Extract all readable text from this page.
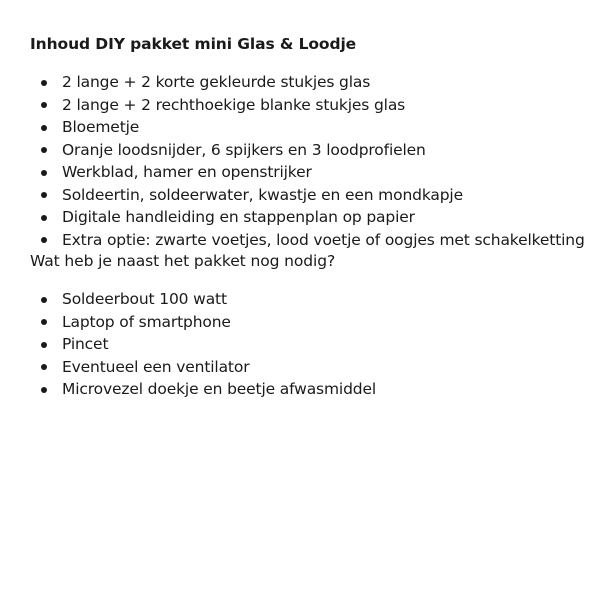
Inhoud DIY pakket mini Glas & Loodje
2 lange + 2 korte gekleurde stukjes glas
2 lange + 2 rechthoekige blanke stukjes glas
Bloemetje
Oranje loodsnijder, 6 spijkers en 3 loodprofielen
Werkblad, hamer en openstrijker
Soldeertin, soldeerwater, kwastje en een mondkapje
Digitale handleiding en stappenplan op papier
Extra optie: zwarte voetjes, lood voetje of oogjes met schakelketting
Wat heb je naast het pakket nog nodig?
Soldeerbout 100 watt
Laptop of smartphone
Pincet
Eventueel een ventilator
Microvezel doekje en beetje afwasmiddel
